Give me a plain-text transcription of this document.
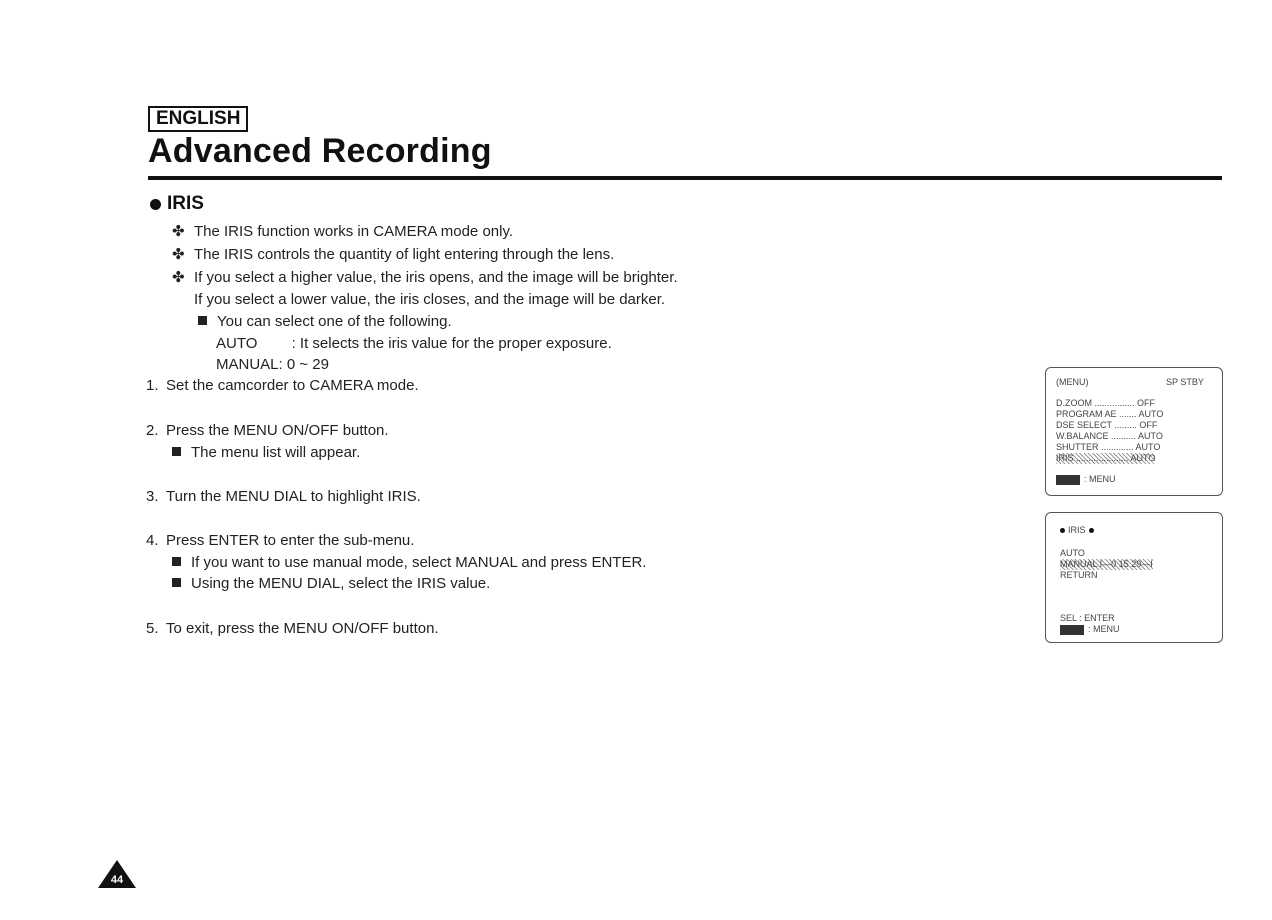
ENGLISH
Advanced Recording
IRIS
✤ The IRIS function works in CAMERA mode only.
✤ The IRIS controls the quantity of light entering through the lens.
✤ If you select a higher value, the iris opens, and the image will be brighter.
If you select a lower value, the iris closes, and the image will be darker.
You can select one of the following.
AUTO : It selects the iris value for the proper exposure.
MANUAL: 0 ~ 29
1. Set the camcorder to CAMERA mode.
2. Press the MENU ON/OFF button.
The menu list will appear.
3. Turn the MENU DIAL to highlight IRIS.
4. Press ENTER to enter the sub-menu.
If you want to use manual mode, select MANUAL and press ENTER.
Using the MENU DIAL, select the IRIS value.
5. To exit, press the MENU ON/OFF button.
(MENU)	SP STBY
D.ZOOM ................ OFF
PROGRAM AE ....... AUTO
DSE SELECT ......... OFF
W.BALANCE .......... AUTO
SHUTTER ............. AUTO
IRIS ..................... AUTO
: MENU
IRIS
AUTO
MANUAL I—0 15 29—I
RETURN
SEL : ENTER
: MENU
44
